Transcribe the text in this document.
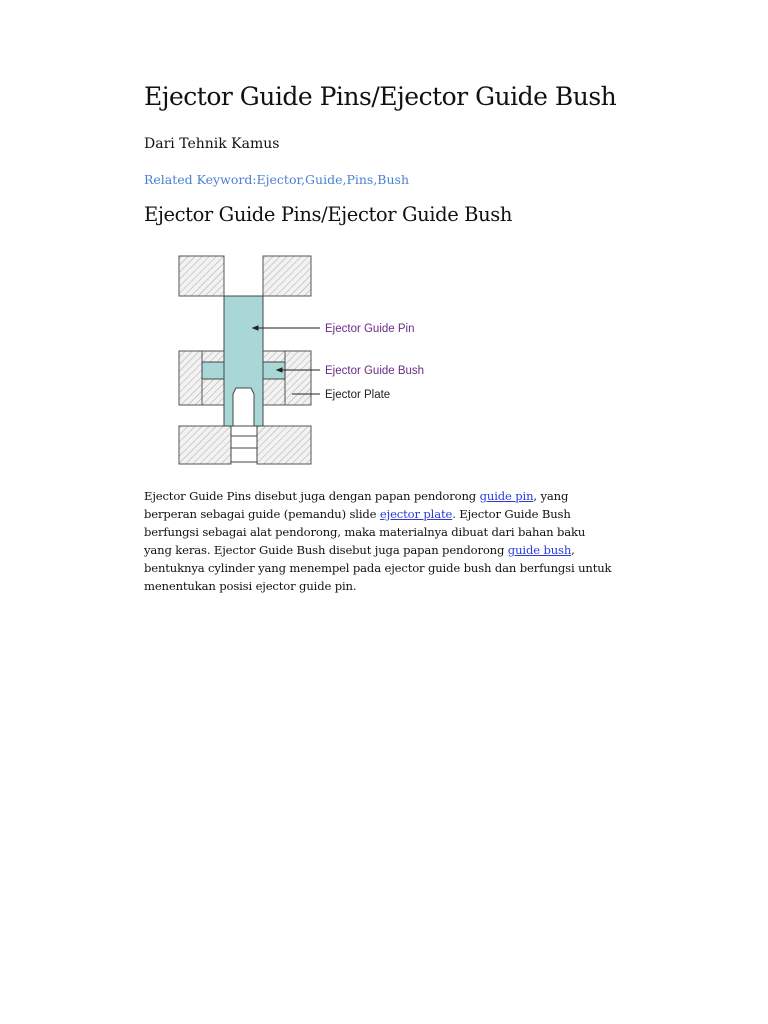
Ejector Guide Pins/Ejector Guide Bush
Dari Tehnik Kamus
Related Keyword:Ejector,Guide,Pins,Bush
Ejector Guide Pins/Ejector Guide Bush
Ejector Guide Pin
Ejector Guide Bush
Ejector Plate

Ejector Guide Pins disebut juga dengan papan pendorong guide pin, yang berperan sebagai guide (pemandu) slide ejector plate. Ejector Guide Bush berfungsi sebagai alat pendorong, maka materialnya dibuat dari bahan baku yang keras. Ejector Guide Bush disebut juga papan pendorong guide bush, bentuknya cylinder yang menempel pada ejector guide bush dan berfungsi untuk menentukan posisi ejector guide pin.
